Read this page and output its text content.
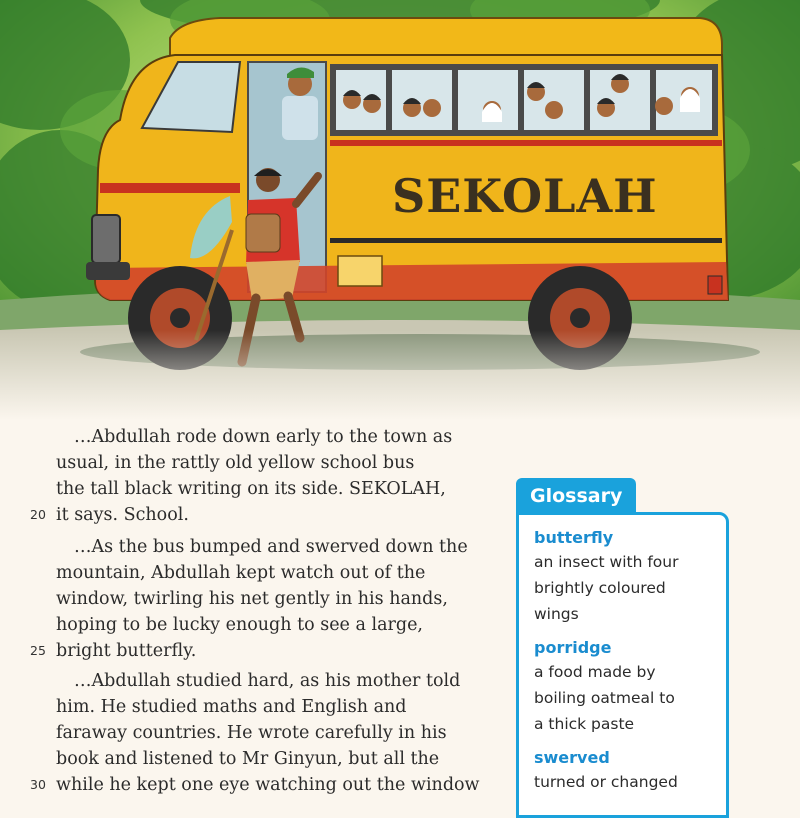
SEKOLAH
…Abdullah rode down early to the town as
usual, in the rattly old yellow school bus
the tall black writing on its side. SEKOLAH,
20 it says. School.
…As the bus bumped and swerved down the
mountain, Abdullah kept watch out of the
window, twirling his net gently in his hands,
hoping to be lucky enough to see a large,
25 bright butterfly.
…Abdullah studied hard, as his mother told
him. He studied maths and English and
faraway countries. He wrote carefully in his
book and listened to Mr Ginyun, but all the
30 while he kept one eye watching out the window
Glossary
butterfly
an insect with four
brightly coloured
wings
porridge
a food made by
boiling oatmeal to
a thick paste
swerved
turned or changed
